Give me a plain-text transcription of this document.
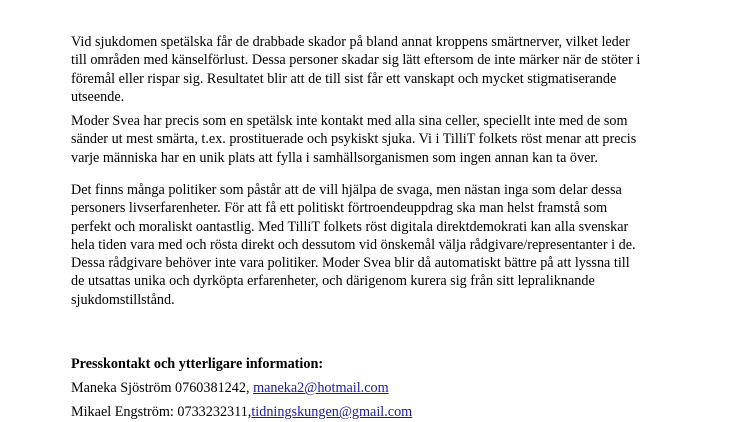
Vid sjukdomen spetälska får de drabbade skador på bland annat kroppens smärtnerver, vilket leder
till områden med känselförlust. Dessa personer skadar sig lätt eftersom de inte märker när de stöter i
föremål eller rispar sig. Resultatet blir att de till sist får ett vanskapt och mycket stigmatiserande
utseende.

Moder Svea har precis som en spetälsk inte kontakt med alla sina celler, speciellt inte med de som
sänder ut mest smärta, t.ex. prostituerade och psykiskt sjuka. Vi i TilliT folkets röst menar att precis
varje människa har en unik plats att fylla i samhällsorganismen som ingen annan kan ta över.

Det finns många politiker som påstår att de vill hjälpa de svaga, men nästan inga som delar dessa
personers livserfarenheter. För att få ett politiskt förtroendeuppdrag ska man helst framstå som
perfekt och moraliskt oantastlig. Med TilliT folkets röst digitala direktdemokrati kan alla svenskar
hela tiden vara med och rösta direkt och dessutom vid önskemål välja rådgivare/representanter i de.
Dessa rådgivare behöver inte vara politiker. Moder Svea blir då automatiskt bättre på att lyssna till
de utsattas unika och dyrköpta erfarenheter, och därigenom kurera sig från sitt lepraliknande
sjukdomstillstånd.

Presskontakt och ytterligare information:
Maneka Sjöström 0760381242, maneka2@hotmail.com
Mikael Engström: 0733232311,tidningskungen@gmail.com
